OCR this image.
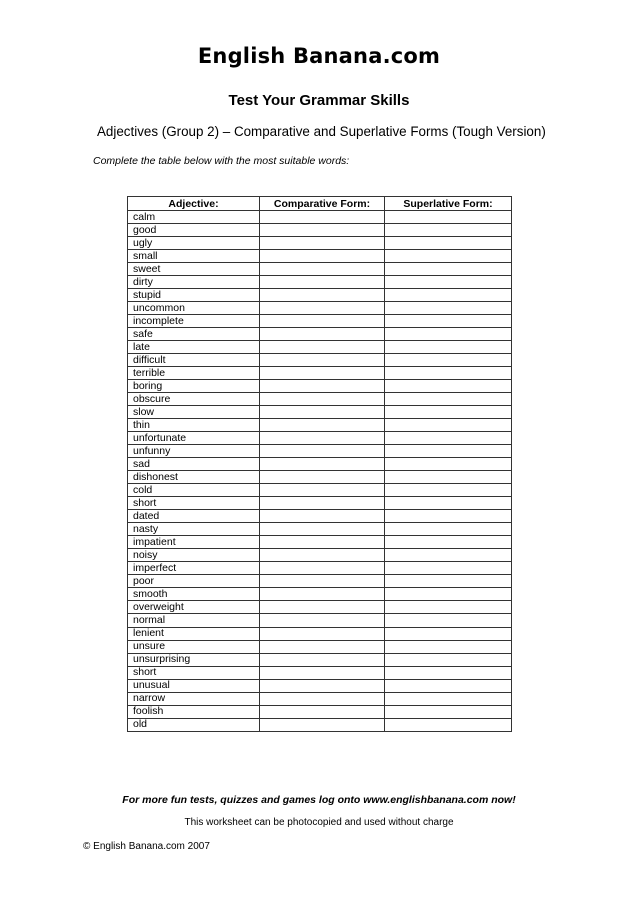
English Banana.com
Test Your Grammar Skills
Adjectives (Group 2) – Comparative and Superlative Forms (Tough Version)
Complete the table below with the most suitable words:
Adjective:	Comparative Form:	Superlative Form:
calm		
good		
ugly		
small		
sweet		
dirty		
stupid		
uncommon		
incomplete		
safe		
late		
difficult		
terrible		
boring		
obscure		
slow		
thin		
unfortunate		
unfunny		
sad		
dishonest		
cold		
short		
dated		
nasty		
impatient		
noisy		
imperfect		
poor		
smooth		
overweight		
normal		
lenient		
unsure		
unsurprising		
short		
unusual		
narrow		
foolish		
old		
For more fun tests, quizzes and games log onto www.englishbanana.com now!
This worksheet can be photocopied and used without charge
© English Banana.com 2007
